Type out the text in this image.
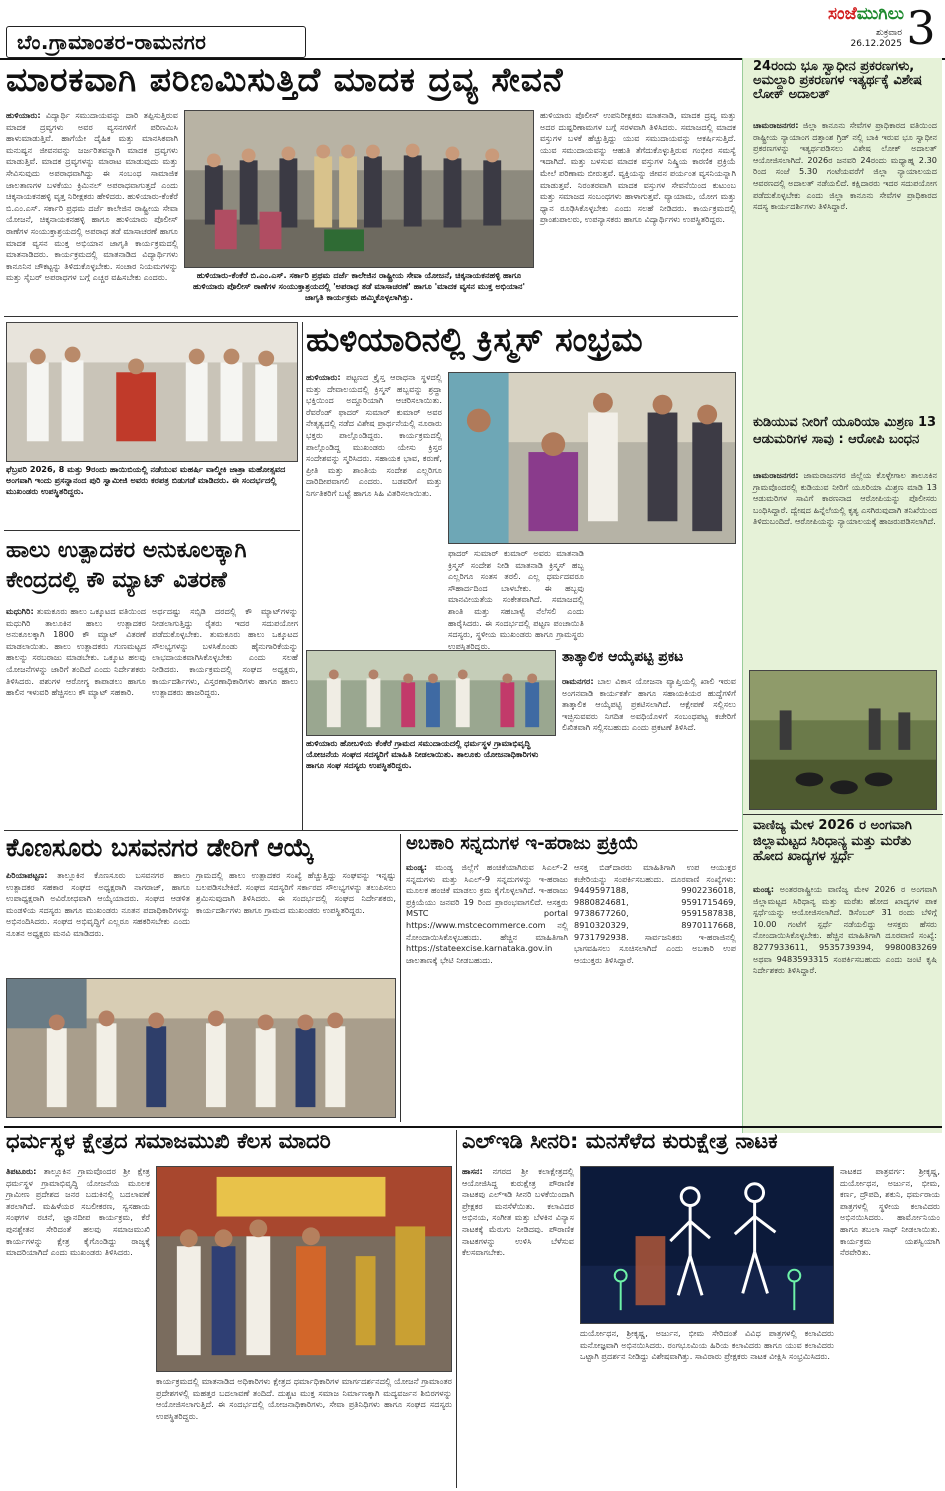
ಬೆಂ.ಗ್ರಾಮಾಂತರ-ರಾಮನಗರ
ಸಂಜೆಮುಗಿಲು
ಶುಕ್ರವಾರ
26.12.2025 3
ಮಾರಕವಾಗಿ ಪರಿಣಮಿಸುತ್ತಿದೆ ಮಾದಕ ದ್ರವ್ಯ ಸೇವನೆ
ಹುಳಿಯಾರು: ವಿದ್ಯಾರ್ಥಿ ಸಮುದಾಯವನ್ನು ದಾರಿ ತಪ್ಪಿಸುತ್ತಿರುವ ಮಾದಕ ದ್ರವ್ಯಗಳು ಅವರ ವ್ಯಸನಗಳಿಗೆ ಪರಿಣಮಿಸಿ ಹಾಳುಮಾಡುತ್ತಿವೆ. ಹಾಗೆಯೇ ದೈಹಿಕ ಮತ್ತು ಮಾನಸಿಕವಾಗಿ ಮನುಷ್ಯನ ಜೀವನವನ್ನು ಜರ್ಜರಿತವನ್ನಾಗಿ ಮಾದಕ ದ್ರವ್ಯಗಳು ಮಾಡುತ್ತಿವೆ. ಮಾದಕ ದ್ರವ್ಯಗಳನ್ನು ಮಾರಾಟ ಮಾಡುವುದು ಮತ್ತು ಸೇವಿಸುವುದು ಅಪರಾಧವಾಗಿದ್ದು ಈ ಸಂಬಂಧ ಸಾಮಾಜಿಕ ಜಾಲತಾಣಗಳ ಬಳಕೆಯು ಕ್ರಿಮಿನಲ್ ಅಪರಾಧವಾಗುತ್ತದೆ ಎಂದು ಚಿಕ್ಕನಾಯಕನಹಳ್ಳಿ ವೃತ್ತ ನಿರೀಕ್ಷಕರು ಹೇಳಿದರು. ಹುಳಿಯಾರು-ಕೆಂಕೆರೆ ಬಿ.ಎಂ.ಎಸ್. ಸರ್ಕಾರಿ ಪ್ರಥಮ ದರ್ಜೆ ಕಾಲೇಜಿನ ರಾಷ್ಟ್ರೀಯ ಸೇವಾ ಯೋಜನೆ, ಚಿಕ್ಕನಾಯಕನಹಳ್ಳಿ ಹಾಗೂ ಹುಳಿಯಾರು ಪೊಲೀಸ್ ಠಾಣೆಗಳ ಸಂಯುಕ್ತಾಶ್ರಯದಲ್ಲಿ ಅಪರಾಧ ತಡೆ ಮಾಸಾಚರಣೆ ಹಾಗೂ ಮಾದಕ ವ್ಯಸನ ಮುಕ್ತ ಅಭಿಯಾನ ಜಾಗೃತಿ ಕಾರ್ಯಕ್ರಮದಲ್ಲಿ ಮಾತನಾಡಿದರು. ಕಾರ್ಯಕ್ರಮದಲ್ಲಿ ಮಾತನಾಡಿದ ವಿದ್ಯಾರ್ಥಿಗಳು ಕಾನೂನಿನ ಚೌಕಟ್ಟನ್ನು ತಿಳಿದುಕೊಳ್ಳಬೇಕು. ಸಂಚಾರ ನಿಯಮಗಳನ್ನು ಮತ್ತು ಸೈಬರ್ ಅಪರಾಧಗಳ ಬಗ್ಗೆ ಎಚ್ಚರ ವಹಿಸಬೇಕು ಎಂದರು.	ಹುಳಿಯಾರು-ಕೆಂಕೆರೆ ಬಿ.ಎಂ.ಎಸ್. ಸರ್ಕಾರಿ ಪ್ರಥಮ ದರ್ಜೆ ಕಾಲೇಜಿನ ರಾಷ್ಟ್ರೀಯ ಸೇವಾ ಯೋಜನೆ, ಚಿಕ್ಕನಾಯಕನಹಳ್ಳಿ ಹಾಗೂ ಹುಳಿಯಾರು ಪೊಲೀಸ್ ಠಾಣೆಗಳ ಸಂಯುಕ್ತಾಶ್ರಯದಲ್ಲಿ 'ಅಪರಾಧ ತಡೆ ಮಾಸಾಚರಣೆ' ಹಾಗೂ 'ಮಾದಕ ವ್ಯಸನ ಮುಕ್ತ ಅಭಿಯಾನ' ಜಾಗೃತಿ ಕಾರ್ಯಕ್ರಮ ಹಮ್ಮಿಕೊಳ್ಳಲಾಗಿತ್ತು.
ಹುಳಿಯಾರು ಪೊಲೀಸ್ ಉಪನಿರೀಕ್ಷಕರು ಮಾತನಾಡಿ, ಮಾದಕ ದ್ರವ್ಯ ಮತ್ತು ಅದರ ದುಷ್ಪರಿಣಾಮಗಳ ಬಗ್ಗೆ ಸರಳವಾಗಿ ತಿಳಿಸಿದರು. ಸಮಾಜದಲ್ಲಿ ಮಾದಕ ವಸ್ತುಗಳ ಬಳಕೆ ಹೆಚ್ಚುತ್ತಿದ್ದು ಯುವ ಸಮುದಾಯವನ್ನು ಆಕರ್ಷಿಸುತ್ತಿದೆ. ಯುವ ಸಮುದಾಯವನ್ನು ಆಹುತಿ ತೆಗೆದುಕೊಳ್ಳುತ್ತಿರುವ ಗಂಭೀರ ಸಮಸ್ಯೆ ಇದಾಗಿದೆ. ಮತ್ತು ಬಳಸುವ ಮಾದಕ ವಸ್ತುಗಳ ನಿಷ್ಕ್ರಿಯ ಕಾರಣಿಕ ಪ್ರಕ್ರಿಯೆ ಮೇಲೆ ಪರಿಣಾಮ ಬೀರುತ್ತವೆ. ವ್ಯಕ್ತಿಯನ್ನು ಜೀವನ ಪರ್ಯಂತ ವ್ಯಸನಿಯನ್ನಾಗಿ ಮಾಡುತ್ತವೆ. ನಿರಂತರವಾಗಿ ಮಾದಕ ವಸ್ತುಗಳ ಸೇವನೆಯಿಂದ ಕುಟುಂಬ ಮತ್ತು ಸಮಾಜದ ಸಂಬಂಧಗಳು ಹಾಳಾಗುತ್ತವೆ. ವ್ಯಾಯಾಮ, ಯೋಗ ಮತ್ತು ಧ್ಯಾನ ರೂಢಿಸಿಕೊಳ್ಳಬೇಕು ಎಂದು ಸಲಹೆ ನೀಡಿದರು. ಕಾರ್ಯಕ್ರಮದಲ್ಲಿ ಪ್ರಾಂಶುಪಾಲರು, ಉಪನ್ಯಾಸಕರು ಹಾಗೂ ವಿದ್ಯಾರ್ಥಿಗಳು ಉಪಸ್ಥಿತರಿದ್ದರು.
ಫೆಬ್ರವರಿ 2026, 8 ಮತ್ತು 9ರಂದು ಹಾಯಿಬಿಯಲ್ಲಿ ನಡೆಯುವ ಮಹರ್ಷಿ ವಾಲ್ಮೀಕಿ ಜಾತ್ರಾ ಮಹೋತ್ಸವದ ಅಂಗವಾಗಿ ಇಂದು ಪ್ರಸನ್ನಾನಂದ ಪುರಿ ಸ್ವಾಮೀಜಿ ಅವರು ಕರಪತ್ರ ಬಿಡುಗಡೆ ಮಾಡಿದರು. ಈ ಸಂದರ್ಭದಲ್ಲಿ ಮುಖಂಡರು ಉಪಸ್ಥಿತರಿದ್ದರು.
ಹುಳಿಯಾರಿನಲ್ಲಿ ಕ್ರಿಸ್ಮಸ್ ಸಂಭ್ರಮ
ಹುಳಿಯಾರು: ಪಟ್ಟಣದ ಕ್ರೈಸ್ತ ಆರಾಧನಾ ಸ್ಥಳದಲ್ಲಿ ಮತ್ತು ದೇವಾಲಯದಲ್ಲಿ ಕ್ರಿಸ್ಮಸ್ ಹಬ್ಬವನ್ನು ಶ್ರದ್ಧಾ ಭಕ್ತಿಯಿಂದ ಅದ್ದೂರಿಯಾಗಿ ಆಚರಿಸಲಾಯಿತು. ರೆವರೆಂಡ್ ಫಾದರ್ ಸುಮಾರ್ ಕುಮಾರ್ ಅವರ ನೇತೃತ್ವದಲ್ಲಿ ನಡೆದ ವಿಶೇಷ ಪ್ರಾರ್ಥನೆಯಲ್ಲಿ ನೂರಾರು ಭಕ್ತರು ಪಾಲ್ಗೊಂಡಿದ್ದರು. ಕಾರ್ಯಕ್ರಮದಲ್ಲಿ ಪಾಲ್ಗೊಂಡಿದ್ದ ಮುಖಂಡರು ಯೇಸು ಕ್ರಿಸ್ತರ ಸಂದೇಶವನ್ನು ಸ್ಮರಿಸಿದರು. ಸಹಾಯಕ ಭಾವ, ಕರುಣೆ, ಪ್ರೀತಿ ಮತ್ತು ಶಾಂತಿಯ ಸಂದೇಶ ಎಲ್ಲರಿಗೂ ದಾರಿದೀಪವಾಗಲಿ ಎಂದರು. ಬಡವರಿಗೆ ಮತ್ತು ನಿರ್ಗತಿಕರಿಗೆ ಬಟ್ಟೆ ಹಾಗೂ ಸಿಹಿ ವಿತರಿಸಲಾಯಿತು.
ಫಾದರ್ ಸುಮಾರ್ ಕುಮಾರ್ ಅವರು ಮಾತನಾಡಿ ಕ್ರಿಸ್ಮಸ್ ಸಂದೇಶ ನೀಡಿ ಮಾತನಾಡಿ ಕ್ರಿಸ್ಮಸ್ ಹಬ್ಬ ಎಲ್ಲರಿಗೂ ಸಂತಸ ತರಲಿ. ಎಲ್ಲ ಧರ್ಮದವರೂ ಸೌಹಾರ್ದದಿಂದ ಬಾಳಬೇಕು. ಈ ಹಬ್ಬವು ಮಾನವೀಯತೆಯ ಸಂಕೇತವಾಗಿದೆ. ಸಮಾಜದಲ್ಲಿ ಶಾಂತಿ ಮತ್ತು ಸಹಬಾಳ್ವೆ ನೆಲೆಸಲಿ ಎಂದು ಹಾರೈಸಿದರು. ಈ ಸಂದರ್ಭದಲ್ಲಿ ಪಟ್ಟಣ ಪಂಚಾಯಿತಿ ಸದಸ್ಯರು, ಸ್ಥಳೀಯ ಮುಖಂಡರು ಹಾಗೂ ಗ್ರಾಮಸ್ಥರು ಉಪಸ್ಥಿತರಿದ್ದರು.
ಹಾಲು ಉತ್ಪಾದಕರ ಅನುಕೂಲಕ್ಕಾಗಿ ಕೇಂದ್ರದಲ್ಲಿ ಕೌ ಮ್ಯಾಟ್ ವಿತರಣೆ
ಮಧುಗಿರಿ: ತುಮಕೂರು ಹಾಲು ಒಕ್ಕೂಟದ ವತಿಯಿಂದ ಮಧುಗಿರಿ ತಾಲೂಕಿನ ಹಾಲು ಉತ್ಪಾದಕರ ಅನುಕೂಲಕ್ಕಾಗಿ 1800 ಕೌ ಮ್ಯಾಟ್ ವಿತರಣೆ ಮಾಡಲಾಯಿತು. ಹಾಲು ಉತ್ಪಾದಕರು ಗುಣಮಟ್ಟದ ಹಾಲನ್ನು ಸರಬರಾಜು ಮಾಡಬೇಕು. ಒಕ್ಕೂಟ ಹಲವು ಯೋಜನೆಗಳನ್ನು ಜಾರಿಗೆ ತಂದಿದೆ ಎಂದು ನಿರ್ದೇಶಕರು ತಿಳಿಸಿದರು. ಪಶುಗಳ ಆರೋಗ್ಯ ಕಾಪಾಡಲು ಹಾಗೂ ಹಾಲಿನ ಇಳುವರಿ ಹೆಚ್ಚಿಸಲು ಕೌ ಮ್ಯಾಟ್ ಸಹಕಾರಿ.
ಅರ್ಧದಷ್ಟು ಸಬ್ಸಿಡಿ ದರದಲ್ಲಿ ಕೌ ಮ್ಯಾಟ್‌ಗಳನ್ನು ನೀಡಲಾಗುತ್ತಿದ್ದು ರೈತರು ಇದರ ಸದುಪಯೋಗ ಪಡೆದುಕೊಳ್ಳಬೇಕು. ತುಮಕೂರು ಹಾಲು ಒಕ್ಕೂಟದ ಸೌಲಭ್ಯಗಳನ್ನು ಬಳಸಿಕೊಂಡು ಹೈನುಗಾರಿಕೆಯನ್ನು ಲಾಭದಾಯಕವಾಗಿಸಿಕೊಳ್ಳಬೇಕು ಎಂದು ಸಲಹೆ ನೀಡಿದರು. ಕಾರ್ಯಕ್ರಮದಲ್ಲಿ ಸಂಘದ ಅಧ್ಯಕ್ಷರು, ಕಾರ್ಯದರ್ಶಿಗಳು, ವಿಸ್ತರಣಾಧಿಕಾರಿಗಳು ಹಾಗೂ ಹಾಲು ಉತ್ಪಾದಕರು ಹಾಜರಿದ್ದರು.
ಹುಳಿಯಾರು ಹೋಬಳಿಯ ಕೆಂಕೆರೆ ಗ್ರಾಮದ ಸಮುದಾಯದಲ್ಲಿ ಧರ್ಮಸ್ಥಳ ಗ್ರಾಮಾಭಿವೃದ್ಧಿ ಯೋಜನೆಯ ಸಂಘದ ಸದಸ್ಯರಿಗೆ ಮಾಹಿತಿ ನೀಡಲಾಯಿತು. ತಾಲೂಕು ಯೋಜನಾಧಿಕಾರಿಗಳು ಹಾಗೂ ಸಂಘ ಸದಸ್ಯರು ಉಪಸ್ಥಿತರಿದ್ದರು.
ತಾತ್ಕಾಲಿಕ ಆಯ್ಕೆಪಟ್ಟಿ ಪ್ರಕಟ
ರಾಮನಗರ: ಬಾಲ ವಿಕಾಸ ಯೋಜನಾ ವ್ಯಾಪ್ತಿಯಲ್ಲಿ ಖಾಲಿ ಇರುವ ಅಂಗನವಾಡಿ ಕಾರ್ಯಕರ್ತೆ ಹಾಗೂ ಸಹಾಯಕಿಯರ ಹುದ್ದೆಗಳಿಗೆ ತಾತ್ಕಾಲಿಕ ಆಯ್ಕೆಪಟ್ಟಿ ಪ್ರಕಟಿಸಲಾಗಿದೆ. ಆಕ್ಷೇಪಣೆ ಸಲ್ಲಿಸಲು ಇಚ್ಛಿಸುವವರು ನಿಗದಿತ ಅವಧಿಯೊಳಗೆ ಸಂಬಂಧಪಟ್ಟ ಕಚೇರಿಗೆ ಲಿಖಿತವಾಗಿ ಸಲ್ಲಿಸಬಹುದು ಎಂದು ಪ್ರಕಟಣೆ ತಿಳಿಸಿದೆ.
ಕೊಣಸೂರು ಬಸವನಗರ ಡೇರಿಗೆ ಆಯ್ಕೆ
ಪಿರಿಯಾಪಟ್ಟಣ: ತಾಲ್ಲೂಕಿನ ಕೊಣಸೂರು ಬಸವನಗರ ಹಾಲು ಉತ್ಪಾದಕರ ಸಹಕಾರ ಸಂಘದ ಅಧ್ಯಕ್ಷರಾಗಿ ನಾಗರಾಜ್, ಹಾಗೂ ಉಪಾಧ್ಯಕ್ಷರಾಗಿ ಅವಿರೋಧವಾಗಿ ಆಯ್ಕೆಯಾದರು. ಸಂಘದ ಆಡಳಿತ ಮಂಡಳಿಯ ಸದಸ್ಯರು ಹಾಗೂ ಮುಖಂಡರು ನೂತನ ಪದಾಧಿಕಾರಿಗಳನ್ನು ಅಭಿನಂದಿಸಿದರು. ಸಂಘದ ಅಭಿವೃದ್ಧಿಗೆ ಎಲ್ಲರೂ ಸಹಕರಿಸಬೇಕು ಎಂದು ನೂತನ ಅಧ್ಯಕ್ಷರು ಮನವಿ ಮಾಡಿದರು.
ಗ್ರಾಮದಲ್ಲಿ ಹಾಲು ಉತ್ಪಾದಕರ ಸಂಖ್ಯೆ ಹೆಚ್ಚುತ್ತಿದ್ದು ಸಂಘವನ್ನು ಇನ್ನಷ್ಟು ಬಲಪಡಿಸಬೇಕಿದೆ. ಸಂಘದ ಸದಸ್ಯರಿಗೆ ಸರ್ಕಾರದ ಸೌಲಭ್ಯಗಳನ್ನು ತಲುಪಿಸಲು ಶ್ರಮಿಸುವುದಾಗಿ ತಿಳಿಸಿದರು. ಈ ಸಂದರ್ಭದಲ್ಲಿ ಸಂಘದ ನಿರ್ದೇಶಕರು, ಕಾರ್ಯದರ್ಶಿಗಳು ಹಾಗೂ ಗ್ರಾಮದ ಮುಖಂಡರು ಉಪಸ್ಥಿತರಿದ್ದರು.
ಅಬಕಾರಿ ಸನ್ನದುಗಳ ಇ-ಹರಾಜು ಪ್ರಕ್ರಿಯೆ
ಮಂಡ್ಯ: ಮಂಡ್ಯ ಜಿಲ್ಲೆಗೆ ಹಂಚಿಕೆಯಾಗಿರುವ ಸಿಎಲ್-2 ಸನ್ನದುಗಳು ಮತ್ತು ಸಿಎಲ್-9 ಸನ್ನದುಗಳನ್ನು ಇ-ಹರಾಜು ಮೂಲಕ ಹಂಚಿಕೆ ಮಾಡಲು ಕ್ರಮ ಕೈಗೊಳ್ಳಲಾಗಿದೆ. ಇ-ಹರಾಜು ಪ್ರಕ್ರಿಯೆಯು ಜನವರಿ 19 ರಿಂದ ಪ್ರಾರಂಭವಾಗಲಿದೆ. ಆಸಕ್ತರು MSTC portal https://www.mstcecommerce.com ನಲ್ಲಿ ನೋಂದಾಯಿಸಿಕೊಳ್ಳಬಹುದು. ಹೆಚ್ಚಿನ ಮಾಹಿತಿಗಾಗಿ https://stateexcise.karnataka.gov.in ಜಾಲತಾಣಕ್ಕೆ ಭೇಟಿ ನೀಡಬಹುದು.
ಆಸಕ್ತ ಬಿಡ್‌ದಾರರು ಮಾಹಿತಿಗಾಗಿ ಉಪ ಆಯುಕ್ತರ ಕಚೇರಿಯನ್ನು ಸಂಪರ್ಕಿಸಬಹುದು. ದೂರವಾಣಿ ಸಂಖ್ಯೆಗಳು: 9449597188, 9902236018, 9880824681, 9591715469, 9738677260, 9591587838, 8910320329, 8970117668, 9731792938. ಸಾರ್ವಜನಿಕರು ಇ-ಹರಾಜಿನಲ್ಲಿ ಭಾಗವಹಿಸಲು ಸೂಚಿಸಲಾಗಿದೆ ಎಂದು ಅಬಕಾರಿ ಉಪ ಆಯುಕ್ತರು ತಿಳಿಸಿದ್ದಾರೆ.
24ರಂದು ಭೂ ಸ್ವಾಧೀನ ಪ್ರಕರಣಗಳು, ಅಮಲ್ದಾರಿ ಪ್ರಕರಣಗಳ ಇತ್ಯರ್ಥಕ್ಕೆ ವಿಶೇಷ ಲೋಕ್ ಅದಾಲತ್
ಚಾಮರಾಜನಗರ: ಜಿಲ್ಲಾ ಕಾನೂನು ಸೇವೆಗಳ ಪ್ರಾಧಿಕಾರದ ವತಿಯಿಂದ ರಾಷ್ಟ್ರೀಯ ನ್ಯಾಯಾಂಗ ದತ್ತಾಂಶ ಗ್ರಿಡ್ ನಲ್ಲಿ ಬಾಕಿ ಇರುವ ಭೂ ಸ್ವಾಧೀನ ಪ್ರಕರಣಗಳನ್ನು ಇತ್ಯರ್ಥಪಡಿಸಲು ವಿಶೇಷ ಲೋಕ್ ಅದಾಲತ್ ಆಯೋಜಿಸಲಾಗಿದೆ. 2026ರ ಜನವರಿ 24ರಂದು ಮಧ್ಯಾಹ್ನ 2.30 ರಿಂದ ಸಂಜೆ 5.30 ಗಂಟೆಯವರೆಗೆ ಜಿಲ್ಲಾ ನ್ಯಾಯಾಲಯದ ಆವರಣದಲ್ಲಿ ಅದಾಲತ್ ನಡೆಯಲಿದೆ. ಕಕ್ಷಿದಾರರು ಇದರ ಸದುಪಯೋಗ ಪಡೆದುಕೊಳ್ಳಬೇಕು ಎಂದು ಜಿಲ್ಲಾ ಕಾನೂನು ಸೇವೆಗಳ ಪ್ರಾಧಿಕಾರದ ಸದಸ್ಯ ಕಾರ್ಯದರ್ಶಿಗಳು ತಿಳಿಸಿದ್ದಾರೆ.
ಕುಡಿಯುವ ನೀರಿಗೆ ಯೂರಿಯಾ ಮಿಶ್ರಣ 13 ಆಡುಮರಿಗಳ ಸಾವು : ಆರೋಪಿ ಬಂಧನ
ಚಾಮರಾಜನಗರ: ಜಾಮರಾಜನಗರ ಜಿಲ್ಲೆಯ ಕೊಳ್ಳೇಗಾಲ ತಾಲೂಕಿನ ಗ್ರಾಮವೊಂದರಲ್ಲಿ ಕುಡಿಯುವ ನೀರಿಗೆ ಯೂರಿಯಾ ಮಿಶ್ರಣ ಮಾಡಿ 13 ಆಡುಮರಿಗಳ ಸಾವಿಗೆ ಕಾರಣನಾದ ಆರೋಪಿಯನ್ನು ಪೊಲೀಸರು ಬಂಧಿಸಿದ್ದಾರೆ. ದ್ವೇಷದ ಹಿನ್ನೆಲೆಯಲ್ಲಿ ಕೃತ್ಯ ಎಸಗಿರುವುದಾಗಿ ತನಿಖೆಯಿಂದ ತಿಳಿದುಬಂದಿದೆ. ಆರೋಪಿಯನ್ನು ನ್ಯಾಯಾಲಯಕ್ಕೆ ಹಾಜರುಪಡಿಸಲಾಗಿದೆ.
ವಾಣಿಜ್ಯ ಮೇಳ 2026 ರ ಅಂಗವಾಗಿ ಜಿಲ್ಲಾಮಟ್ಟದ ಸಿರಿಧಾನ್ಯ ಮತ್ತು ಮರೆತು ಹೋದ ಖಾದ್ಯಗಳ ಸ್ಪರ್ಧೆ
ಮಂಡ್ಯ: ಅಂತರರಾಷ್ಟ್ರೀಯ ವಾಣಿಜ್ಯ ಮೇಳ 2026 ರ ಅಂಗವಾಗಿ ಜಿಲ್ಲಾಮಟ್ಟದ ಸಿರಿಧಾನ್ಯ ಮತ್ತು ಮರೆತು ಹೋದ ಖಾದ್ಯಗಳ ಪಾಕ ಸ್ಪರ್ಧೆಯನ್ನು ಆಯೋಜಿಸಲಾಗಿದೆ. ಡಿಸೆಂಬರ್ 31 ರಂದು ಬೆಳಿಗ್ಗೆ 10.00 ಗಂಟೆಗೆ ಸ್ಪರ್ಧೆ ನಡೆಯಲಿದ್ದು ಆಸಕ್ತರು ಹೆಸರು ನೋಂದಾಯಿಸಿಕೊಳ್ಳಬೇಕು. ಹೆಚ್ಚಿನ ಮಾಹಿತಿಗಾಗಿ ದೂರವಾಣಿ ಸಂಖ್ಯೆ: 8277933611, 9535739394, 9980083269 ಅಥವಾ 9483593315 ಸಂಪರ್ಕಿಸಬಹುದು ಎಂದು ಜಂಟಿ ಕೃಷಿ ನಿರ್ದೇಶಕರು ತಿಳಿಸಿದ್ದಾರೆ.
ಧರ್ಮಸ್ಥಳ ಕ್ಷೇತ್ರದ ಸಮಾಜಮುಖಿ ಕೆಲಸ ಮಾದರಿ
ತಿಪಟೂರು: ತಾಲ್ಲೂಕಿನ ಗ್ರಾಮವೊಂದರ ಶ್ರೀ ಕ್ಷೇತ್ರ ಧರ್ಮಸ್ಥಳ ಗ್ರಾಮಾಭಿವೃದ್ಧಿ ಯೋಜನೆಯ ಮೂಲಕ ಗ್ರಾಮೀಣ ಪ್ರದೇಶದ ಜನರ ಬದುಕಿನಲ್ಲಿ ಬದಲಾವಣೆ ತರಲಾಗಿದೆ. ಮಹಿಳೆಯರ ಸಬಲೀಕರಣ, ಸ್ವಸಹಾಯ ಸಂಘಗಳ ರಚನೆ, ಜ್ಞಾನದೀಪ ಕಾರ್ಯಕ್ರಮ, ಕೆರೆ ಪುನಶ್ಚೇತನ ಸೇರಿದಂತೆ ಹಲವು ಸಮಾಜಮುಖಿ ಕಾರ್ಯಗಳನ್ನು ಕ್ಷೇತ್ರ ಕೈಗೊಂಡಿದ್ದು ರಾಜ್ಯಕ್ಕೆ ಮಾದರಿಯಾಗಿದೆ ಎಂದು ಮುಖಂಡರು ತಿಳಿಸಿದರು.
ಕಾರ್ಯಕ್ರಮದಲ್ಲಿ ಮಾತನಾಡಿದ ಅಧಿಕಾರಿಗಳು ಕ್ಷೇತ್ರದ ಧರ್ಮಾಧಿಕಾರಿಗಳ ಮಾರ್ಗದರ್ಶನದಲ್ಲಿ ಯೋಜನೆ ಗ್ರಾಮಾಂತರ ಪ್ರದೇಶಗಳಲ್ಲಿ ಮಹತ್ತರ ಬದಲಾವಣೆ ತಂದಿದೆ. ದುಶ್ಚಟ ಮುಕ್ತ ಸಮಾಜ ನಿರ್ಮಾಣಕ್ಕಾಗಿ ಮದ್ಯವರ್ಜನ ಶಿಬಿರಗಳನ್ನು ಆಯೋಜಿಸಲಾಗುತ್ತಿದೆ. ಈ ಸಂದರ್ಭದಲ್ಲಿ ಯೋಜನಾಧಿಕಾರಿಗಳು, ಸೇವಾ ಪ್ರತಿನಿಧಿಗಳು ಹಾಗೂ ಸಂಘದ ಸದಸ್ಯರು ಉಪಸ್ಥಿತರಿದ್ದರು.
ಎಲ್‌ಇಡಿ ಸೀನರಿ: ಮನಸೆಳೆದ ಕುರುಕ್ಷೇತ್ರ ನಾಟಕ
ಹಾಸನ: ನಗರದ ಶ್ರೀ ಕಲಾಕ್ಷೇತ್ರದಲ್ಲಿ ಆಯೋಜಿಸಿದ್ದ ಕುರುಕ್ಷೇತ್ರ ಪೌರಾಣಿಕ ನಾಟಕವು ಎಲ್‌ಇಡಿ ಸೀನರಿ ಬಳಕೆಯಿಂದಾಗಿ ಪ್ರೇಕ್ಷಕರ ಮನಸೆಳೆಯಿತು. ಕಲಾವಿದರ ಅಭಿನಯ, ಸಂಗೀತ ಮತ್ತು ಬೆಳಕಿನ ವಿನ್ಯಾಸ ನಾಟಕಕ್ಕೆ ಮೆರುಗು ನೀಡಿದವು. ಪೌರಾಣಿಕ ನಾಟಕಗಳನ್ನು ಉಳಿಸಿ ಬೆಳೆಸುವ ಕೆಲಸವಾಗಬೇಕು.
ದುರ್ಯೋಧನ, ಶ್ರೀಕೃಷ್ಣ, ಅರ್ಜುನ, ಭೀಮ ಸೇರಿದಂತೆ ವಿವಿಧ ಪಾತ್ರಗಳಲ್ಲಿ ಕಲಾವಿದರು ಮನೋಜ್ಞವಾಗಿ ಅಭಿನಯಿಸಿದರು. ರಂಗಭೂಮಿಯ ಹಿರಿಯ ಕಲಾವಿದರು ಹಾಗೂ ಯುವ ಕಲಾವಿದರು ಒಟ್ಟಾಗಿ ಪ್ರದರ್ಶನ ನೀಡಿದ್ದು ವಿಶೇಷವಾಗಿತ್ತು. ಸಾವಿರಾರು ಪ್ರೇಕ್ಷಕರು ನಾಟಕ ವೀಕ್ಷಿಸಿ ಸಂಭ್ರಮಿಸಿದರು.
ನಾಟಕದ ಪಾತ್ರವರ್ಗ: ಶ್ರೀಕೃಷ್ಣ, ದುರ್ಯೋಧನ, ಅರ್ಜುನ, ಭೀಮ, ಕರ್ಣ, ದ್ರೌಪದಿ, ಶಕುನಿ, ಧರ್ಮರಾಯ ಪಾತ್ರಗಳಲ್ಲಿ ಸ್ಥಳೀಯ ಕಲಾವಿದರು ಅಭಿನಯಿಸಿದರು. ಹಾರ್ಮೋನಿಯಂ ಹಾಗೂ ತಬಲಾ ಸಾಥ್ ನೀಡಲಾಯಿತು. ಕಾರ್ಯಕ್ರಮ ಯಶಸ್ವಿಯಾಗಿ ನೆರವೇರಿತು.
